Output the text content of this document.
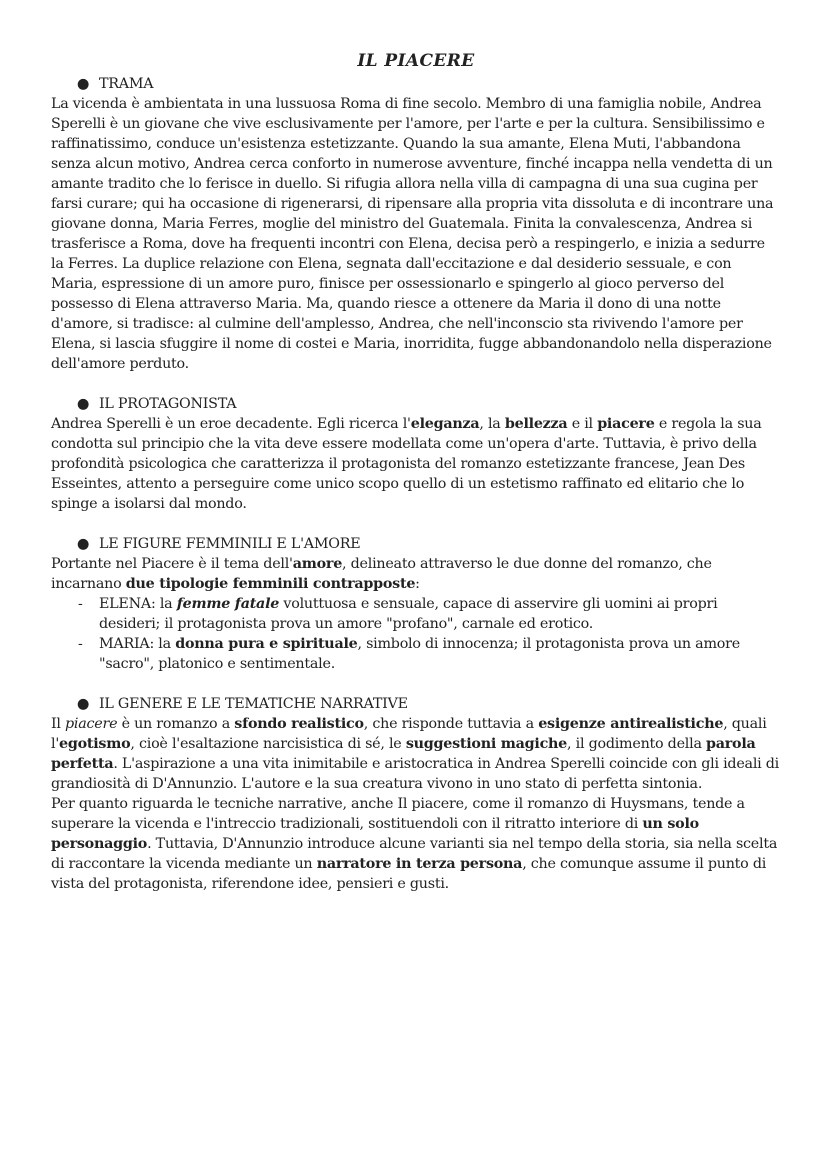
IL PIACERE
● TRAMA

La vicenda è ambientata in una lussuosa Roma di fine secolo. Membro di una famiglia nobile, Andrea Sperelli è un giovane che vive esclusivamente per l'amore, per l'arte e per la cultura. Sensibilissimo e raffinatissimo, conduce un'esistenza estetizzante. Quando la sua amante, Elena Muti, l'abbandona senza alcun motivo, Andrea cerca conforto in numerose avventure, finché incappa nella vendetta di un amante tradito che lo ferisce in duello. Si rifugia allora nella villa di campagna di una sua cugina per farsi curare; qui ha occasione di rigenerarsi, di ripensare alla propria vita dissoluta e di incontrare una giovane donna, Maria Ferres, moglie del ministro del Guatemala. Finita la convalescenza, Andrea si trasferisce a Roma, dove ha frequenti incontri con Elena, decisa però a respingerlo, e inizia a sedurre la Ferres. La duplice relazione con Elena, segnata dall'eccitazione e dal desiderio sessuale, e con Maria, espressione di un amore puro, finisce per ossessionarlo e spingerlo al gioco perverso del possesso di Elena attraverso Maria. Ma, quando riesce a ottenere da Maria il dono di una notte d'amore, si tradisce: al culmine dell'amplesso, Andrea, che nell'inconscio sta rivivendo l'amore per Elena, si lascia sfuggire il nome di costei e Maria, inorridita, fugge abbandonandolo nella disperazione dell'amore perduto.

● IL PROTAGONISTA

Andrea Sperelli è un eroe decadente. Egli ricerca l'eleganza, la bellezza e il piacere e regola la sua condotta sul principio che la vita deve essere modellata come un'opera d'arte. Tuttavia, è privo della profondità psicologica che caratterizza il protagonista del romanzo estetizzante francese, Jean Des Esseintes, attento a perseguire come unico scopo quello di un estetismo raffinato ed elitario che lo spinge a isolarsi dal mondo.

● LE FIGURE FEMMINILI E L'AMORE

Portante nel Piacere è il tema dell'amore, delineato attraverso le due donne del romanzo, che incarnano due tipologie femminili contrapposte:

- ELENA: la femme fatale voluttuosa e sensuale, capace di asservire gli uomini ai propri desideri; il protagonista prova un amore "profano", carnale ed erotico.
- MARIA: la donna pura e spirituale, simbolo di innocenza; il protagonista prova un amore "sacro", platonico e sentimentale.
● IL GENERE E LE TEMATICHE NARRATIVE

Il piacere è un romanzo a sfondo realistico, che risponde tuttavia a esigenze antirealistiche, quali l'egotismo, cioè l'esaltazione narcisistica di sé, le suggestioni magiche, il godimento della parola perfetta. L'aspirazione a una vita inimitabile e aristocratica in Andrea Sperelli coincide con gli ideali di grandiosità di D'Annunzio. L'autore e la sua creatura vivono in uno stato di perfetta sintonia.

Per quanto riguarda le tecniche narrative, anche Il piacere, come il romanzo di Huysmans, tende a superare la vicenda e l'intreccio tradizionali, sostituendoli con il ritratto interiore di un solo personaggio. Tuttavia, D'Annunzio introduce alcune varianti sia nel tempo della storia, sia nella scelta di raccontare la vicenda mediante un narratore in terza persona, che comunque assume il punto di vista del protagonista, riferendone idee, pensieri e gusti.
